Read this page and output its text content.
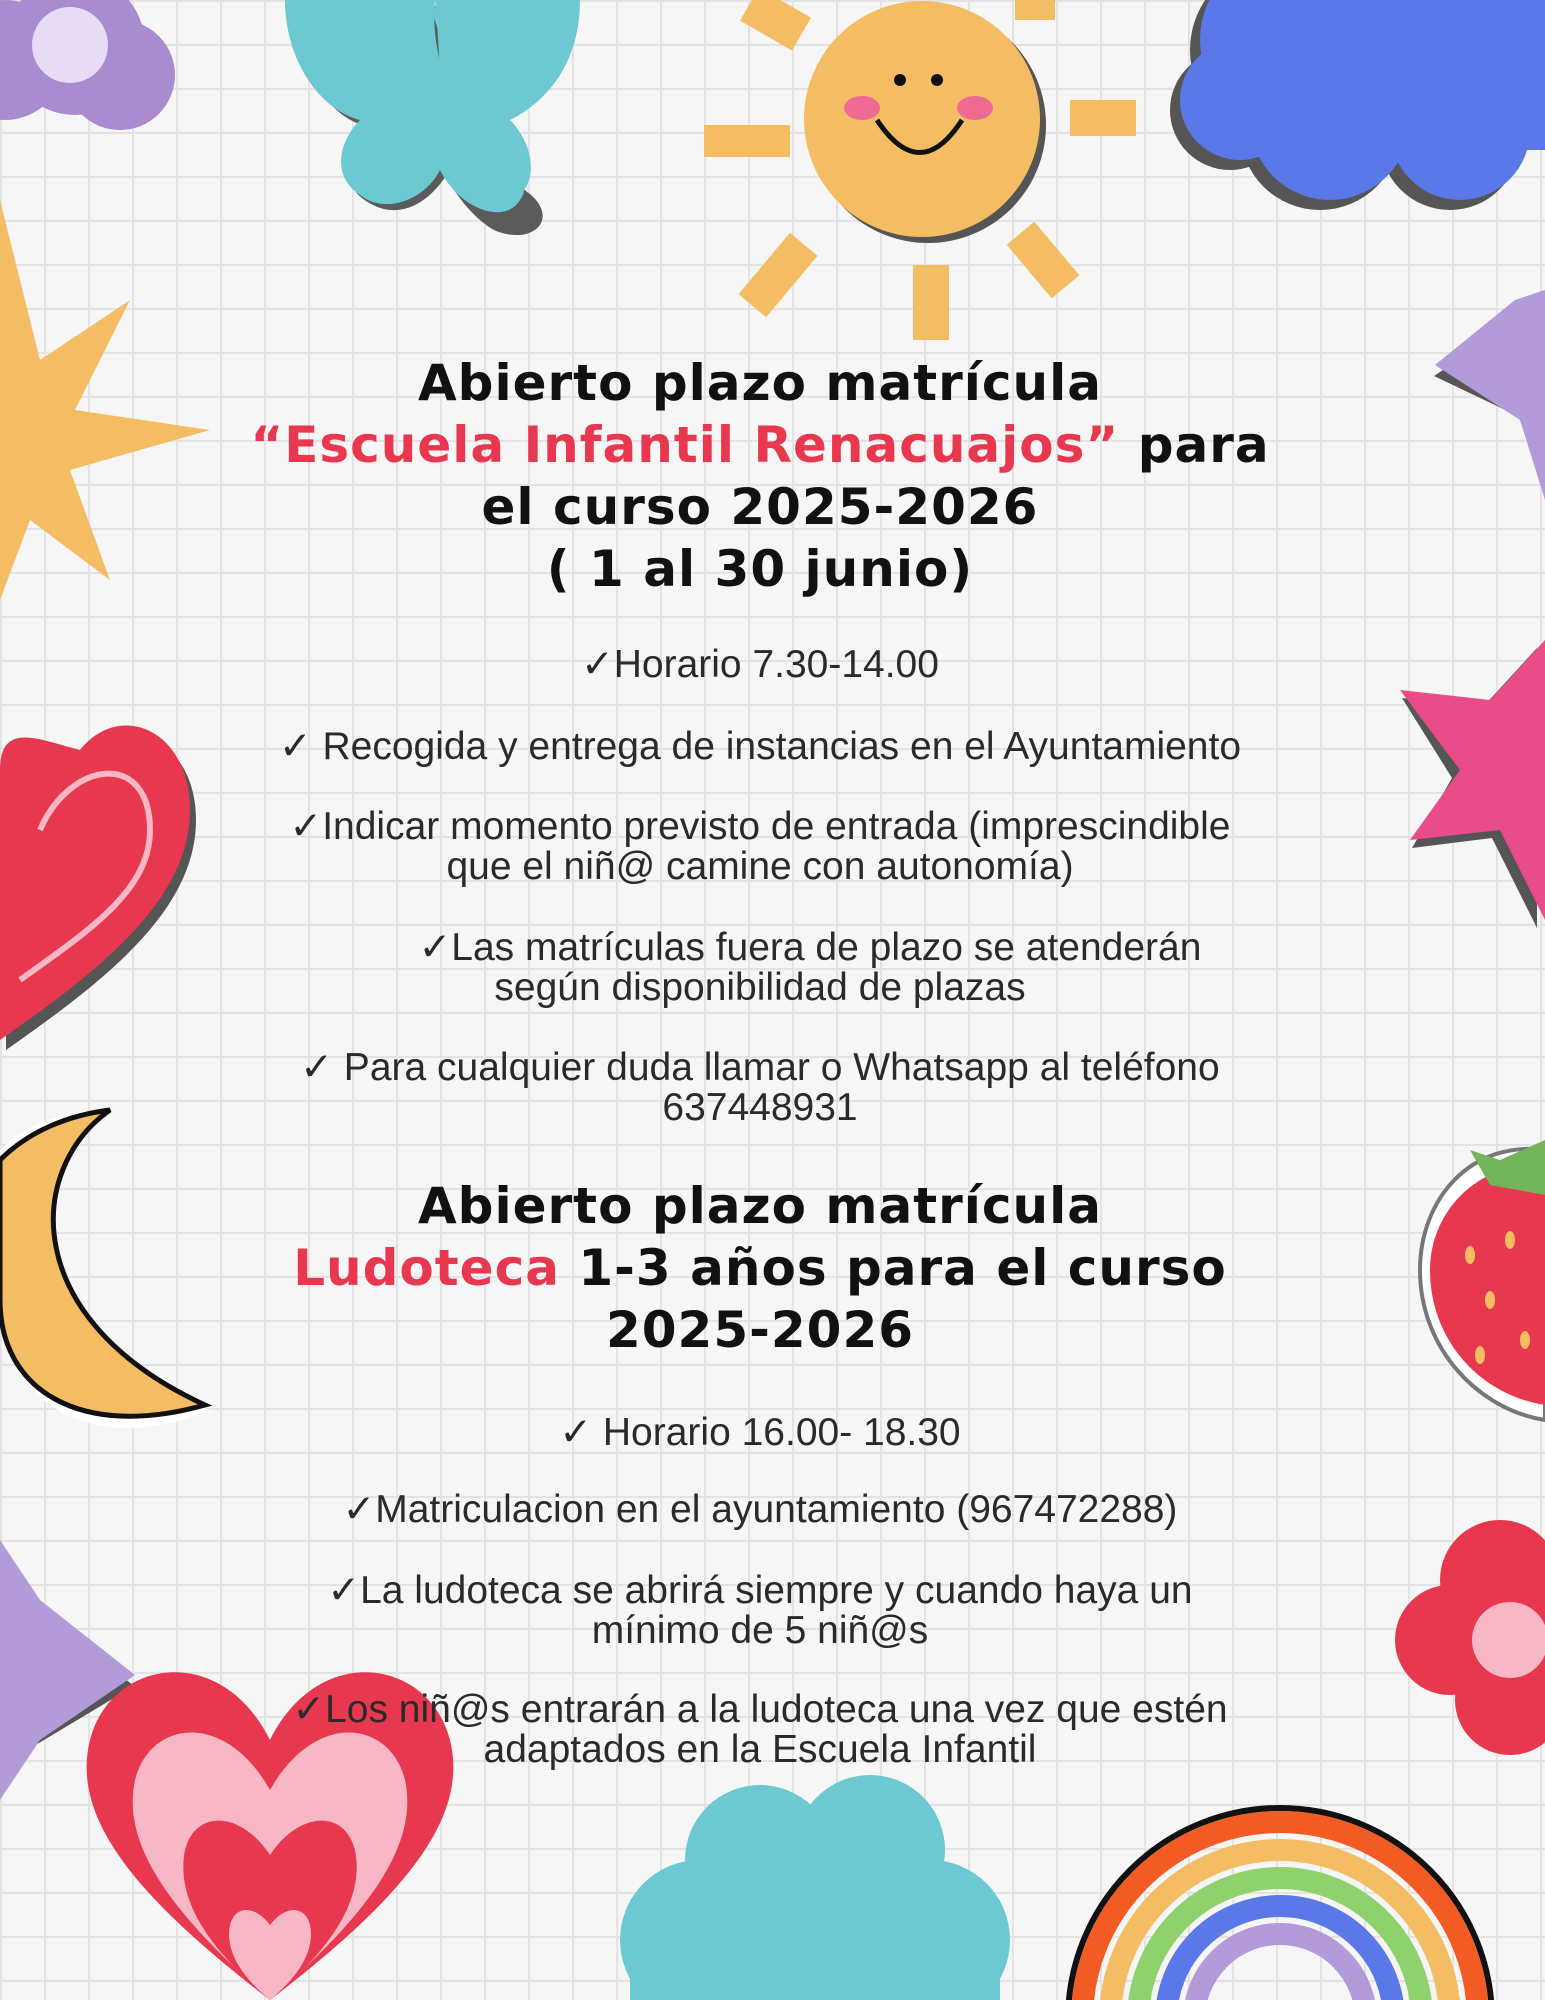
Abierto plazo matrícula
“Escuela Infantil Renacuajos” para
el curso 2025-2026
( 1 al 30 junio)
✓Horario 7.30-14.00
✓ Recogida y entrega de instancias en el Ayuntamiento
✓Indicar momento previsto de entrada (imprescindible
que el niñ@ camine con autonomía)
✓Las matrículas fuera de plazo se atenderán
según disponibilidad de plazas
✓ Para cualquier duda llamar o Whatsapp al teléfono
637448931
Abierto plazo matrícula
Ludoteca 1-3 años para el curso
2025-2026
✓ Horario 16.00- 18.30
✓Matriculacion en el ayuntamiento (967472288)
✓La ludoteca se abrirá siempre y cuando haya un
mínimo de 5 niñ@s
✓Los niñ@s entrarán a la ludoteca una vez que estén
adaptados en la Escuela Infantil
